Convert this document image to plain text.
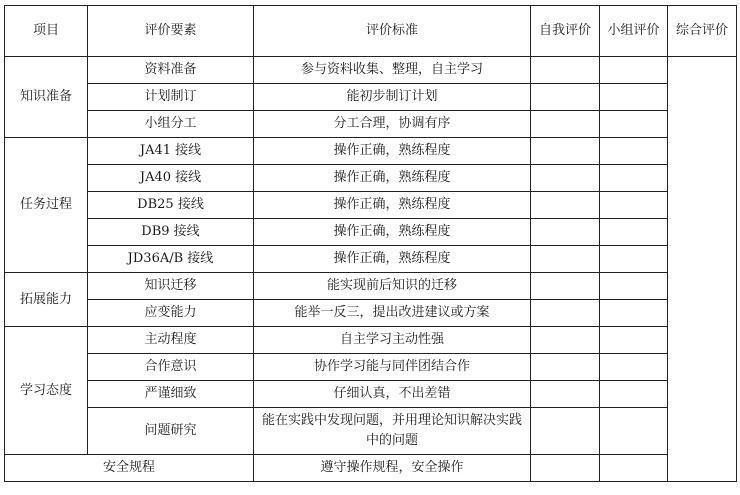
项目	评价要素	评价标准	自我评价	小组评价	综合评价
知识准备	资料准备	参与资料收集、整理，自主学习			
	计划制订	能初步制订计划			
	小组分工	分工合理，协调有序			
任务过程	JA41 接线	操作正确，熟练程度			
	JA40 接线	操作正确，熟练程度			
	DB25 接线	操作正确，熟练程度			
	DB9 接线	操作正确，熟练程度			
	JD36A/B 接线	操作正确，熟练程度			
拓展能力	知识迁移	能实现前后知识的迁移			
	应变能力	能举一反三，提出改进建议或方案			
学习态度	主动程度	自主学习主动性强			
	合作意识	协作学习能与同伴团结合作			
	严谨细致	仔细认真，不出差错			
	问题研究	能在实践中发现问题，并用理论知识解决实践中的问题			
安全规程		遵守操作规程，安全操作			
